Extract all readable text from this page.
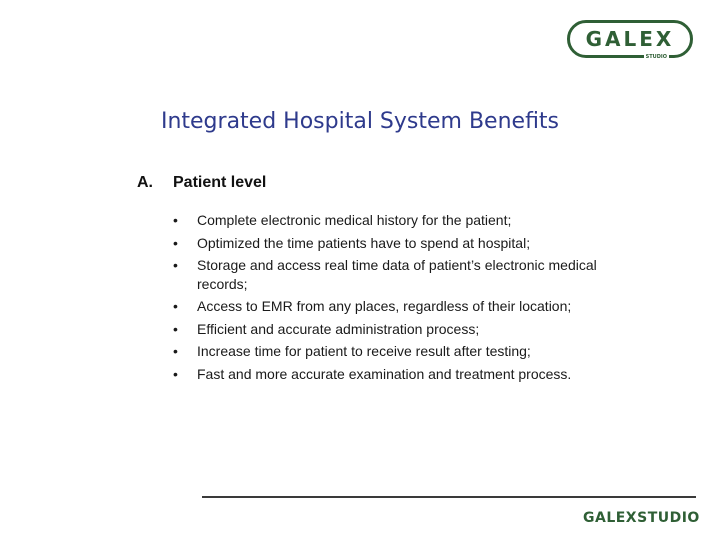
GALEX
STUDIO
Integrated Hospital System Benefits
A. Patient level
• Complete electronic medical history for the patient;
• Optimized the time patients have to spend at hospital;
• Storage and access real time data of patient’s electronic medical records;
• Access to EMR from any places, regardless of their location;
• Efficient and accurate administration process;
• Increase time for patient to receive result after testing;
• Fast and more accurate examination and treatment process.
GALEXSTUDIO
